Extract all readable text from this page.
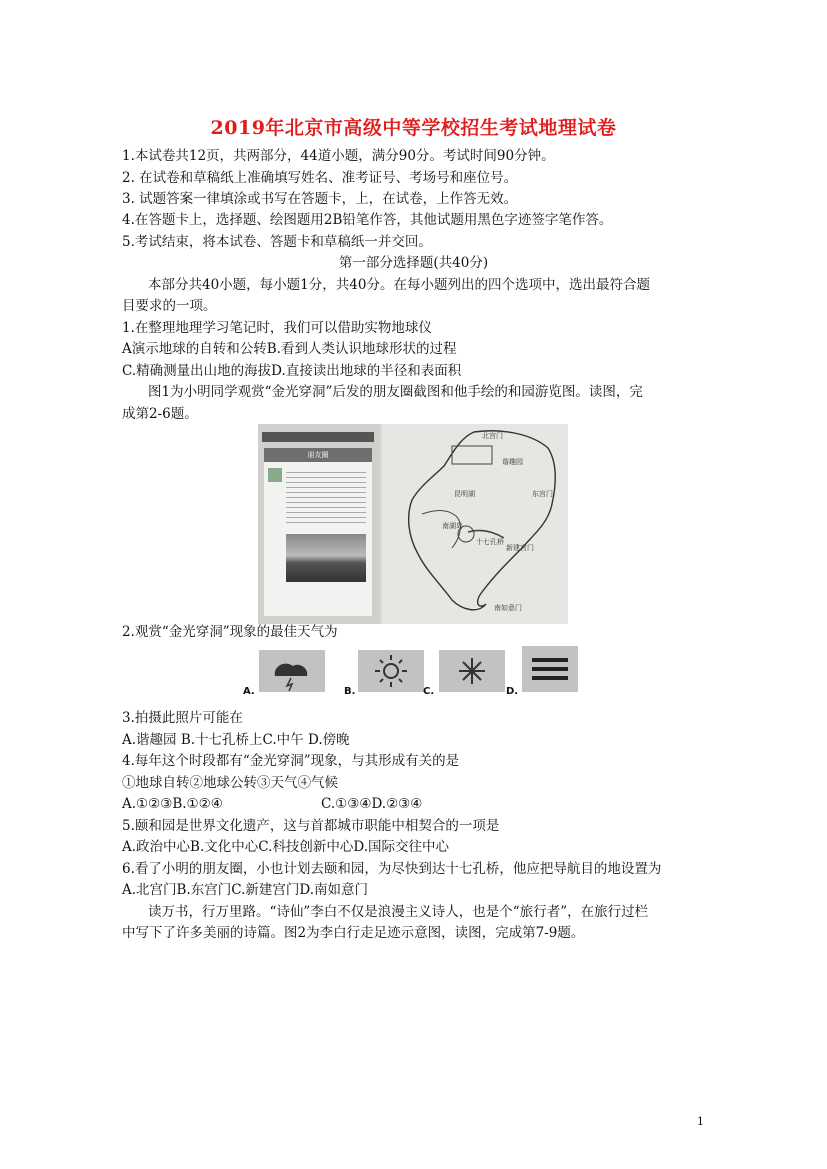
2019年北京市高级中等学校招生考试地理试卷
1.本试卷共12页，共两部分，44道小题，满分90分。考试时间90分钟。
2. 在试卷和草稿纸上准确填写姓名、准考证号、考场号和座位号。
3. 试题答案一律填涂或书写在答题卡，上，在试卷，上作答无效。
4.在答题卡上，选择题、绘图题用2B铅笔作答，其他试题用黑色字迹签字笔作答。
5.考试结束，将本试卷、答题卡和草稿纸一并交回。
第一部分选择题(共40分)
本部分共40小题，每小题1分，共40分。在每小题列出的四个选项中，选出最符合题
目要求的一项。
1.在整理地理学习笔记时，我们可以借助实物地球仪
A演示地球的自转和公转B.看到人类认识地球形状的过程
C.精确测量出山地的海拔D.直接读出地球的半径和表面积
图1为小明同学观赏“金光穿洞”后发的朋友圈截图和他手绘的和园游览图。读图，完
成第2-6题。
朋友圈
北宫门
东宫门
新建宫门
南如意门
昆明湖
南湖岛
十七孔桥
谐趣园
2.观赏“金光穿洞”现象的最佳天气为
A.	B.	C.	D.
3.拍摄此照片可能在
A.谐趣园 B.十七孔桥上C.中午 D.傍晚
4.每年这个时段都有“金光穿洞”现象，与其形成有关的是
①地球自转②地球公转③天气④气候
A.①②③B.①②④	C.①③④D.②③④
5.颐和园是世界文化遗产，这与首都城市职能中相契合的一项是
A.政治中心B.文化中心C.科技创新中心D.国际交往中心
6.看了小明的朋友圈，小也计划去颐和园，为尽快到达十七孔桥，他应把导航目的地设置为
A.北宫门B.东宫门C.新建宫门D.南如意门
读万书，行万里路。“诗仙”李白不仅是浪漫主义诗人，也是个“旅行者”，在旅行过栏
中写下了许多美丽的诗篇。图2为李白行走足迹示意图，读图，完成第7-9题。
1
